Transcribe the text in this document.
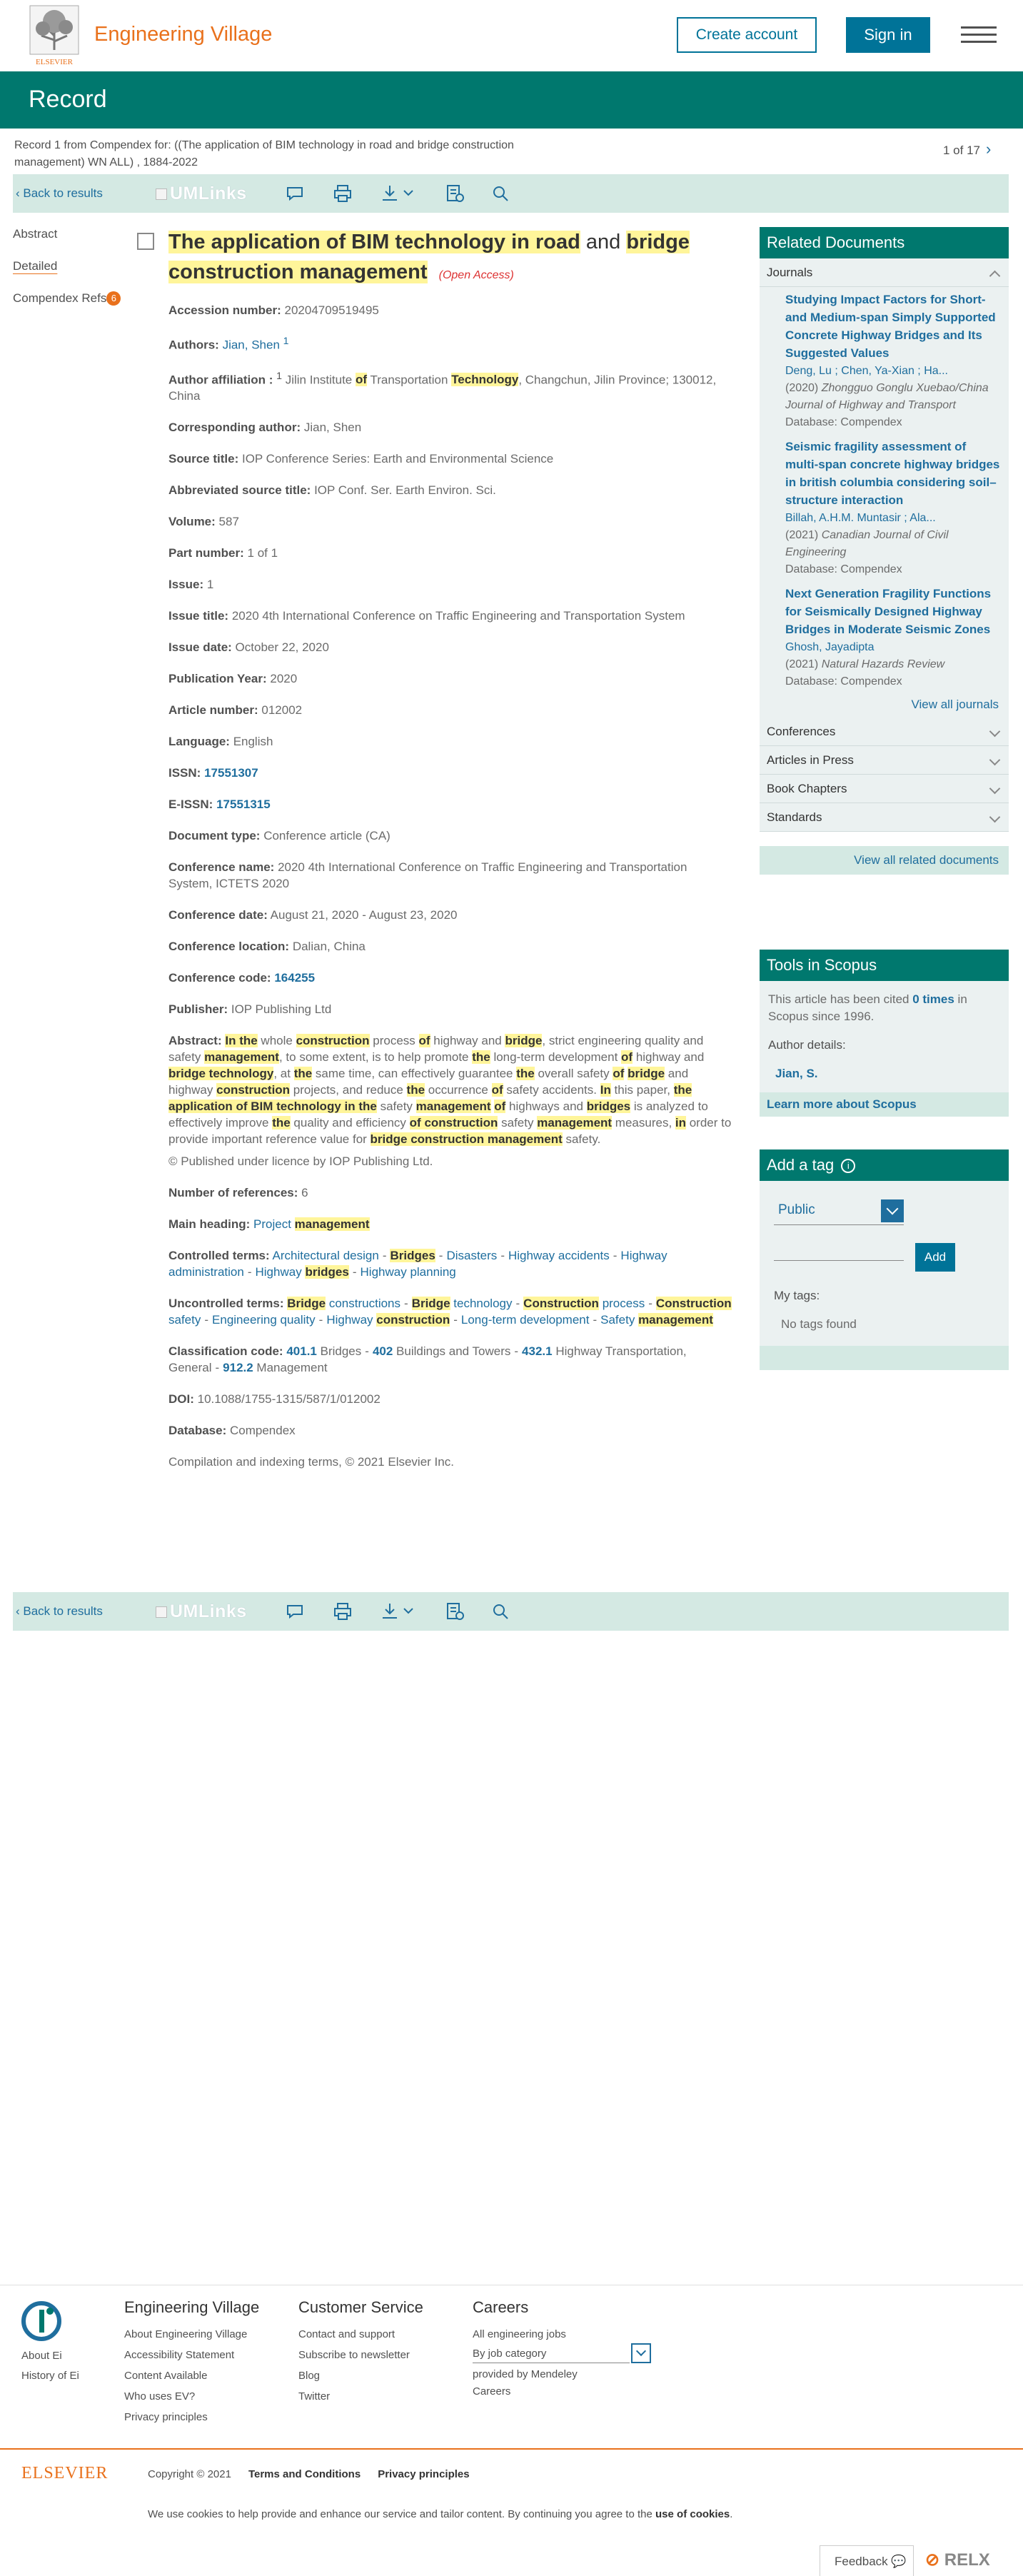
ELSEVIER
Engineering Village	Create account	Sign in
Record
Record 1 from Compendex for: ((The application of BIM technology in road and bridge construction management) WN ALL) , 1884-2022
1 of 17 ›
‹ Back to results	UMLinks
Abstract
Detailed
Compendex Refs 6
The application of BIM technology in road and bridge construction management (Open Access)
Accession number: 20204709519495
Authors: Jian, Shen $^1$
Author affiliation : $^1$ Jilin Institute of Transportation Technology, Changchun, Jilin Province; 130012, China
Corresponding author: Jian, Shen
Source title: IOP Conference Series: Earth and Environmental Science
Abbreviated source title: IOP Conf. Ser. Earth Environ. Sci.
Volume: 587
Part number: 1 of 1
Issue: 1
Issue title: 2020 4th International Conference on Traffic Engineering and Transportation System
Issue date: October 22, 2020
Publication Year: 2020
Article number: 012002
Language: English
ISSN: 17551307
E-ISSN: 17551315
Document type: Conference article (CA)
Conference name: 2020 4th International Conference on Traffic Engineering and Transportation System, ICTETS 2020
Conference date: August 21, 2020 - August 23, 2020
Conference location: Dalian, China
Conference code: 164255
Publisher: IOP Publishing Ltd
Abstract: In the whole construction process of highway and bridge, strict engineering quality and safety management, to some extent, is to help promote the long-term development of highway and bridge technology, at the same time, can effectively guarantee the overall safety of bridge and highway construction projects, and reduce the occurrence of safety accidents. In this paper, the application of BIM technology in the safety management of highways and bridges is analyzed to effectively improve the quality and efficiency of construction safety management measures, in order to provide important reference value for bridge construction management safety.
© Published under licence by IOP Publishing Ltd.
Number of references: 6
Main heading: Project management
Controlled terms: Architectural design - Bridges - Disasters - Highway accidents - Highway administration - Highway bridges - Highway planning
Uncontrolled terms: Bridge constructions - Bridge technology - Construction process - Construction safety - Engineering quality - Highway construction - Long-term development - Safety management
Classification code: 401.1 Bridges - 402 Buildings and Towers - 432.1 Highway Transportation, General - 912.2 Management
DOI: 10.1088/1755-1315/587/1/012002
Database: Compendex
Compilation and indexing terms, © 2021 Elsevier Inc.
‹ Back to results	UMLinks
Related Documents
Journals
Studying Impact Factors for Short-and Medium-span Simply Supported Concrete Highway Bridges and Its Suggested Values
Deng, Lu ; Chen, Ya-Xian ; Ha...
(2020) Zhongguo Gonglu Xuebao/China Journal of Highway and Transport
Database: Compendex
Seismic fragility assessment of multi-span concrete highway bridges in british columbia considering soil–structure interaction
Billah, A.H.M. Muntasir ; Ala...
(2021) Canadian Journal of Civil Engineering
Database: Compendex
Next Generation Fragility Functions for Seismically Designed Highway Bridges in Moderate Seismic Zones
Ghosh, Jayadipta
(2021) Natural Hazards Review
Database: Compendex
View all journals
Conferences
Articles in Press
Book Chapters
Standards
View all related documents
Tools in Scopus
This article has been cited 0 times in Scopus since 1996.
Author details:
Jian, S.
Learn more about Scopus
Add a tag i
Public
Add
My tags:
No tags found
About Ei
History of Ei
Engineering Village
About Engineering Village
Accessibility Statement
Content Available
Who uses EV?
Privacy principles
Customer Service
Contact and support
Subscribe to newsletter
Blog
Twitter
Careers
All engineering jobs
By job category
provided by Mendeley Careers
ELSEVIER	Copyright © 2021 Terms and Conditions Privacy principles
We use cookies to help provide and enhance our service and tailor content. By continuing you agree to the use of cookies.
Feedback 💬	⊘ RELX
